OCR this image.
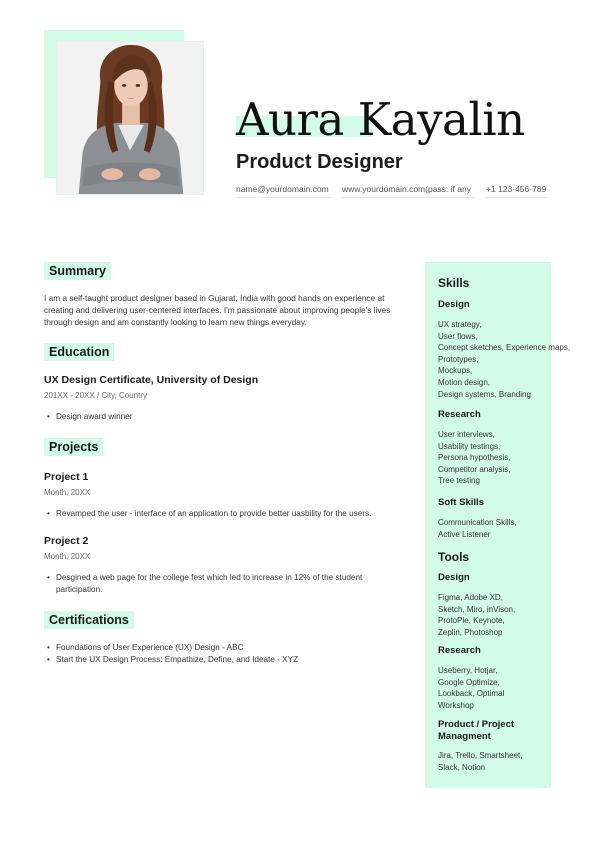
Aura Kayalin
Product Designer
name@yourdomain.com	www.yourdomain.com(pass: if any	+1 123-456-789
Summary
I am a self-taught product designer based in Gujarat, India with good hands on experience at creating and delivering user-centered interfaces. I'm passionate about improving people's lives through design and am constantly looking to learn new things everyday.
Education
UX Design Certificate, University of Design
201XX - 20XX / City, Country
• Design award winner
Projects
Project 1
Month, 20XX
• Revamped the user - interface of an application to provide better uasbility for the users.
Project 2
Month, 20XX
• Desgined a web page for the college fest which led to increase in 12% of the student participation.
Certifications
• Foundations of User Experience (UX) Design - ABC
• Start the UX Design Process: Empathize, Define, and Ideate - XYZ
Skills
Design
UX strategy,
User flows,
Concept sketches, Experience maps,
Prototypes,
Mockups,
Motion design,
Design systems, Branding
Research
User interviews,
Usability testings,
Persona hypothesis,
Competitor analysis,
Tree testing
Soft Skills
Communication Skills,
Active Listener
Tools
Design
Figma, Adobe XD,
Sketch, Miro, inVison,
ProtoPie, Keynote,
Zeplin, Photoshop
Research
Useberry, Hotjar,
Google Optimize,
Lookback, Optimal
Workshop
Product / Project Managment
Jira, Trello, Smartsheet,
Slack, Notion
